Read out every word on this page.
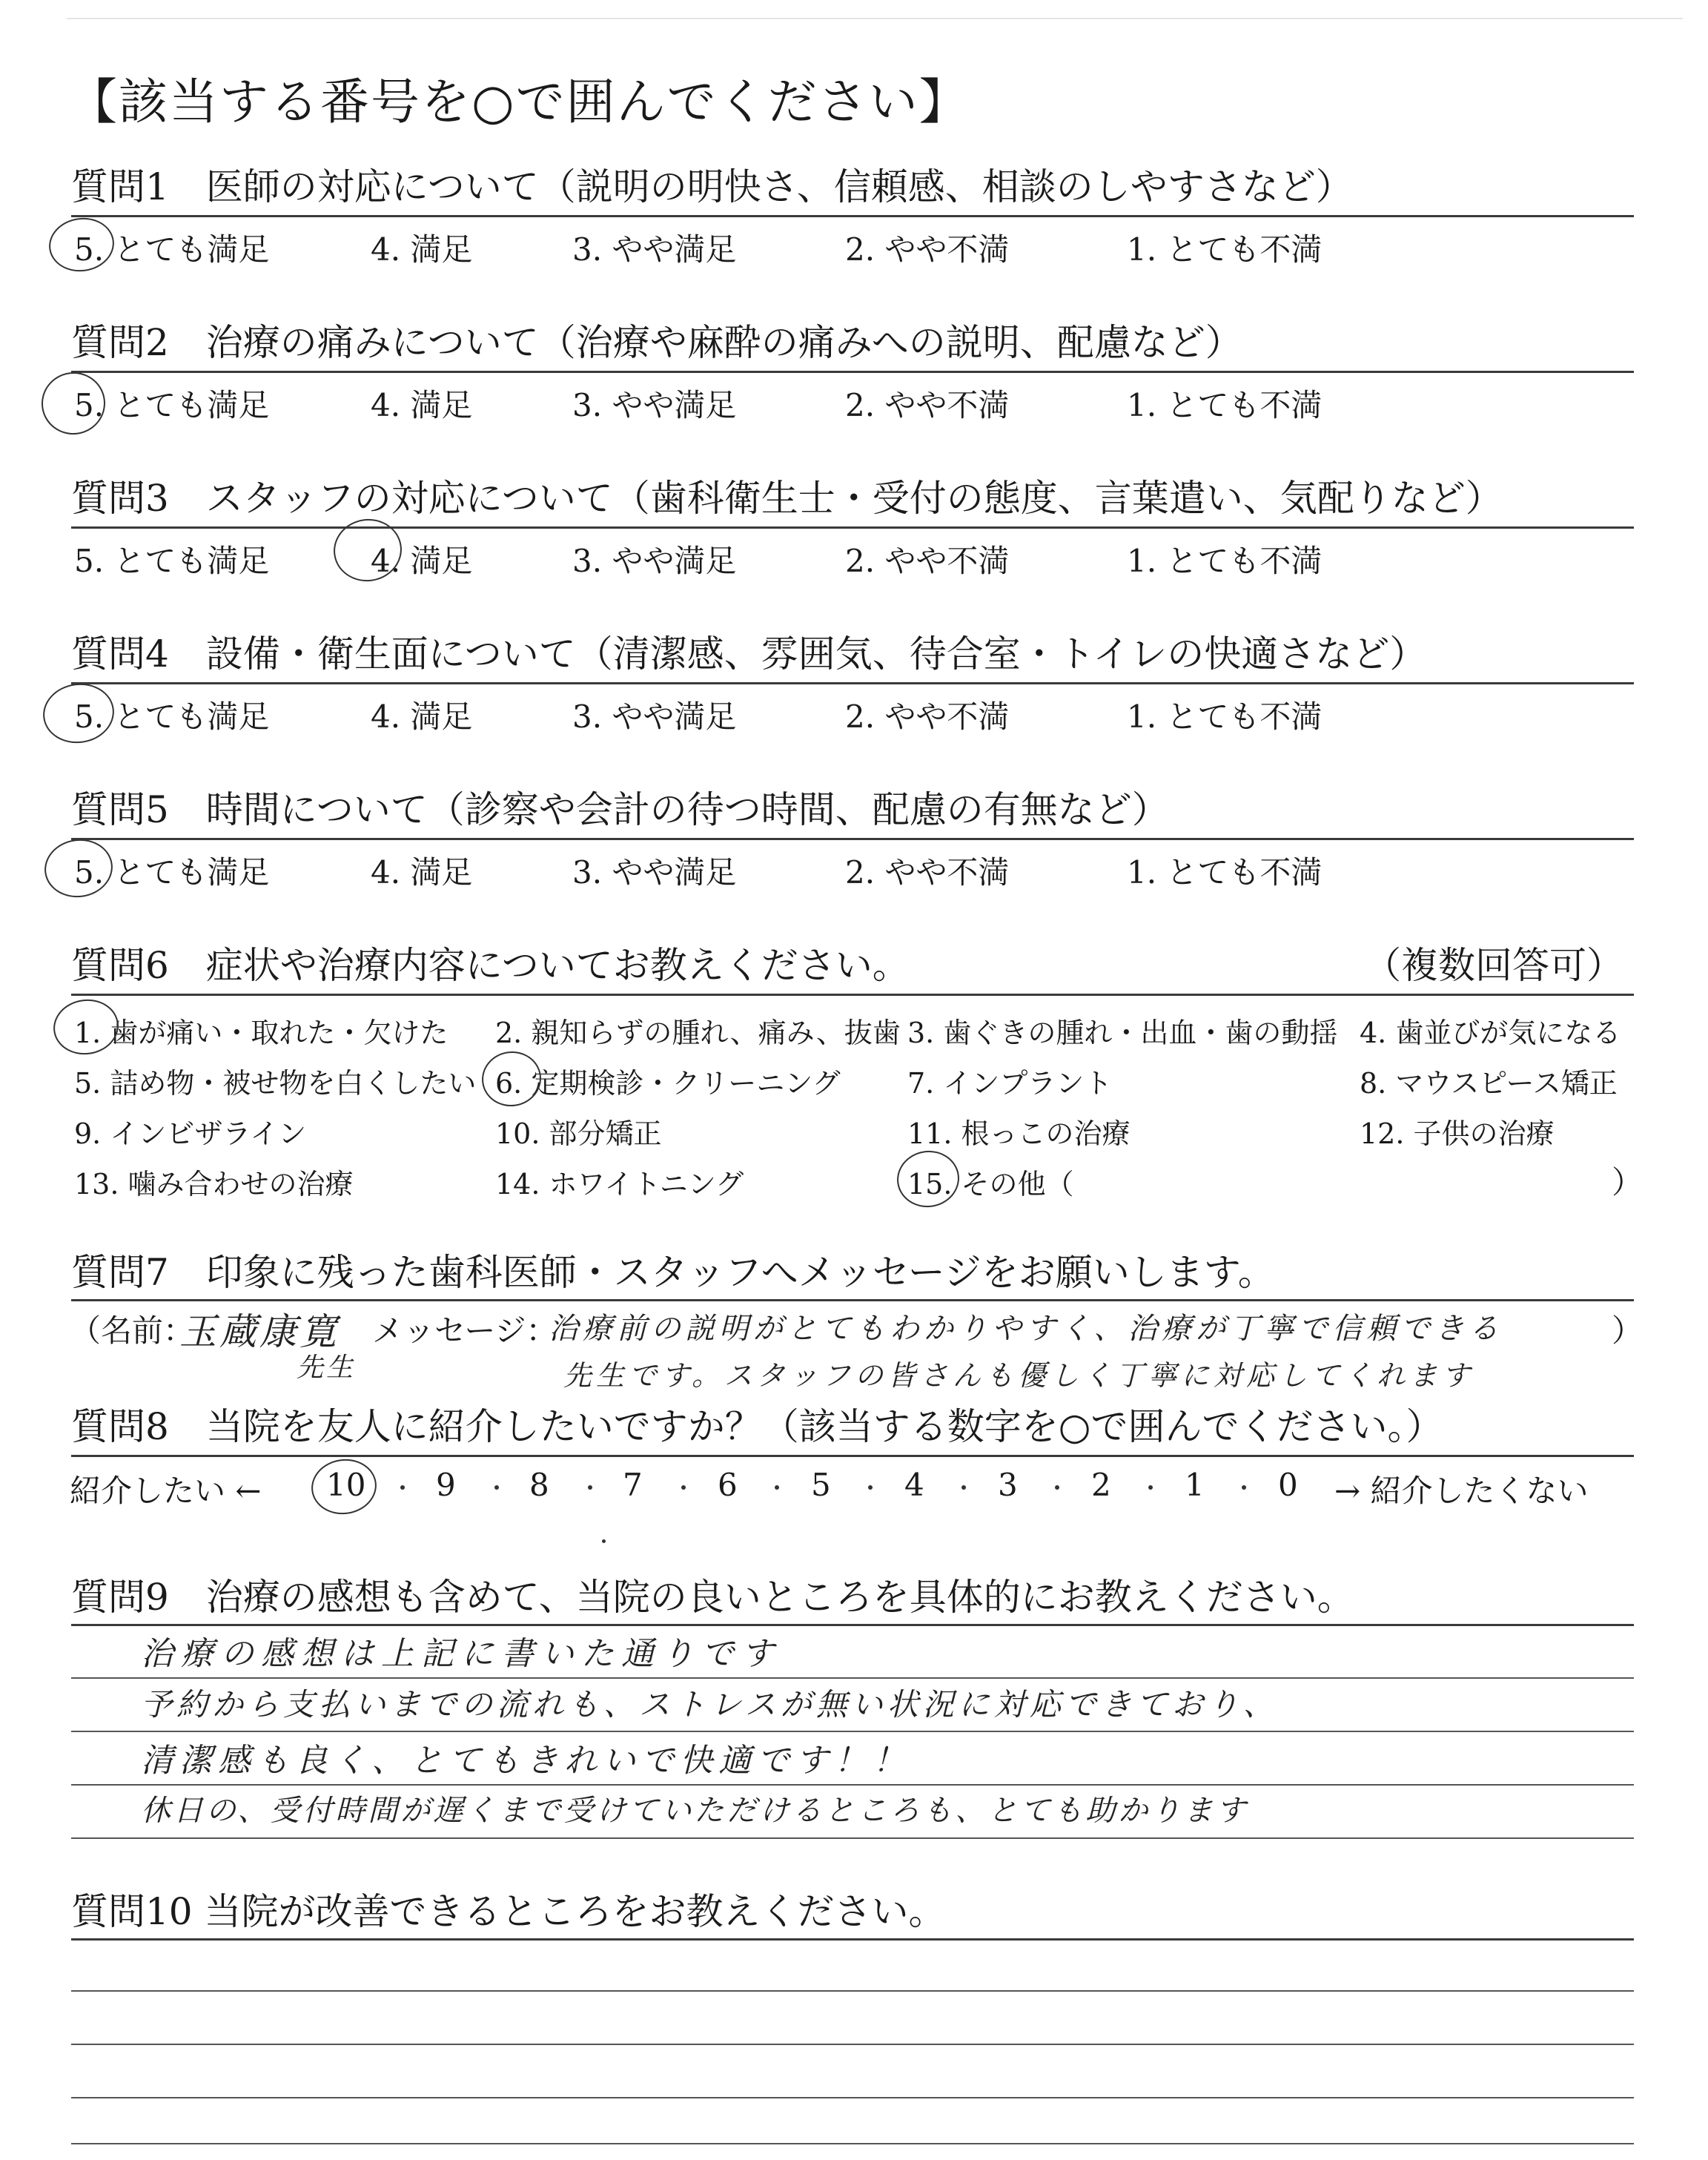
【該当する番号を○で囲んでください】
質問1　医師の対応について（説明の明快さ、信頼感、相談のしやすさなど）
5. とても満足	4. 満足	3. やや満足	2. やや不満	1. とても不満
質問2　治療の痛みについて（治療や麻酔の痛みへの説明、配慮など）
5. とても満足	4. 満足	3. やや満足	2. やや不満	1. とても不満
質問3　スタッフの対応について（歯科衛生士・受付の態度、言葉遣い、気配りなど）
5. とても満足	4. 満足	3. やや満足	2. やや不満	1. とても不満
質問4　設備・衛生面について（清潔感、雰囲気、待合室・トイレの快適さなど）
5. とても満足	4. 満足	3. やや満足	2. やや不満	1. とても不満
質問5　時間について（診察や会計の待つ時間、配慮の有無など）
5. とても満足	4. 満足	3. やや満足	2. やや不満	1. とても不満
質問6　症状や治療内容についてお教えください。	（複数回答可）
1. 歯が痛い・取れた・欠けた 2. 親知らずの腫れ、痛み、抜歯 3. 歯ぐきの腫れ・出血・歯の動揺 4. 歯並びが気になる
5. 詰め物・被せ物を白くしたい 6. 定期検診・クリーニング 7. インプラント	8. マウスピース矯正
9. インビザライン	10. 部分矯正	11. 根っこの治療	12. 子供の治療
13. 噛み合わせの治療	14. ホワイトニング	15. その他（	）
質問7　印象に残った歯科医師・スタッフへメッセージをお願いします。
（名前：
玉蔵康寛
先生
メッセージ：
治療前の説明がとてもわかりやすく、治療が丁寧で信頼できる
先生です。スタッフの皆さんも優しく丁寧に対応してくれます
）
質問8　当院を友人に紹介したいですか？（該当する数字を○で囲んでください。）
紹介したい ← 10 9 8 7 6 5 4 3 2 1 0 → 紹介したくない
質問9　治療の感想も含めて、当院の良いところを具体的にお教えください。
治療の感想は上記に書いた通りです
予約から支払いまでの流れも、ストレスが無い状況に対応できており、
清潔感も良く、とてもきれいで快適です！！
休日の、受付時間が遅くまで受けていただけるところも、とても助かります
質問10 当院が改善できるところをお教えください。
